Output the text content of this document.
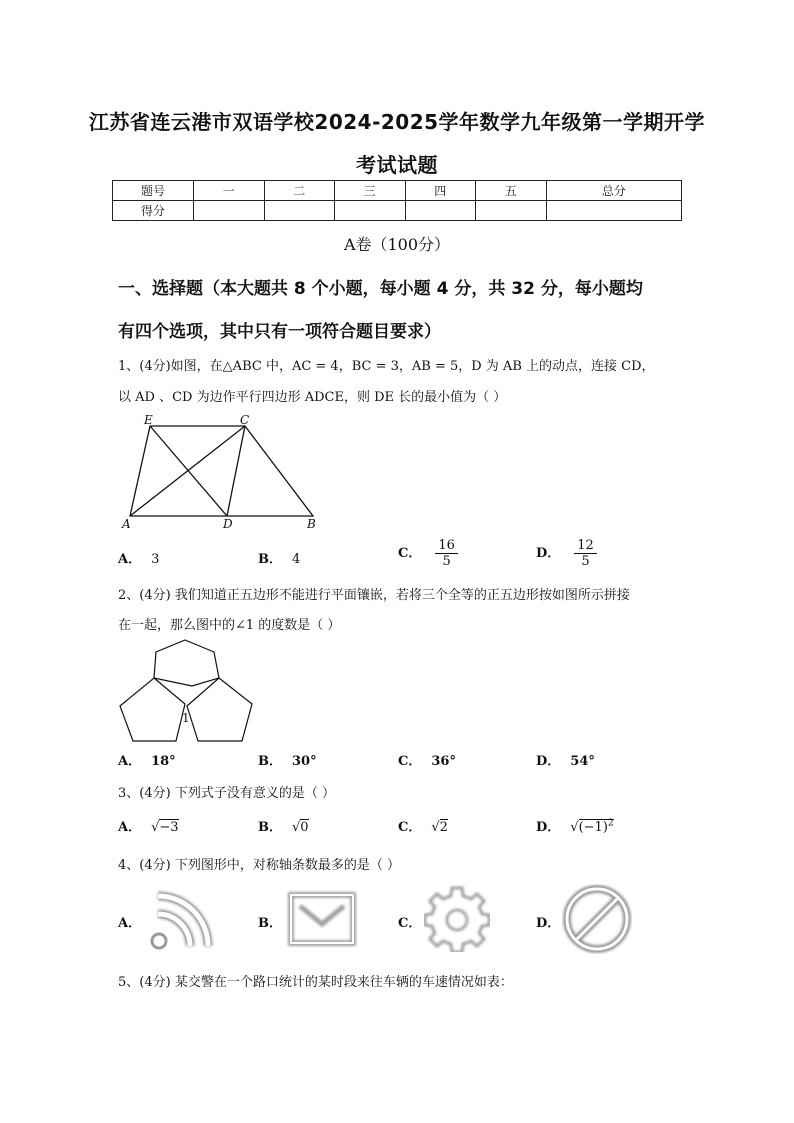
江苏省连云港市双语学校2024-2025学年数学九年级第一学期开学
考试试题
题号	一	二	三	四	五	总分
得分						
A卷（100分）
一、选择题（本大题共 8 个小题，每小题 4 分，共 32 分，每小题均
有四个选项，其中只有一项符合题目要求）
1、(4分)如图，在△ABC 中，AC = 4，BC = 3，AB = 5，D 为 AB 上的动点，连接 CD，
以 AD 、CD 为边作平行四边形 ADCE，则 DE 长的最小值为（ ）
E	C
A	D	B
A． 3	B． 4	C． $\frac{16}{5}$	D． $\frac{12}{5}$
2、(4分) 我们知道正五边形不能进行平面镶嵌，若将三个全等的正五边形按如图所示拼接
在一起，那么图中的∠1 的度数是（ ）
1
A． 18°	B． 30°	C． 36°	D． 54°
3、(4分) 下列式子没有意义的是（ ）
A． √−3	B． √0	C． √2	D． $√(-1)^2$
4、(4分) 下列图形中，对称轴条数最多的是（ ）
A．	B．	C．	D．
5、(4分) 某交警在一个路口统计的某时段来往车辆的车速情况如表：
